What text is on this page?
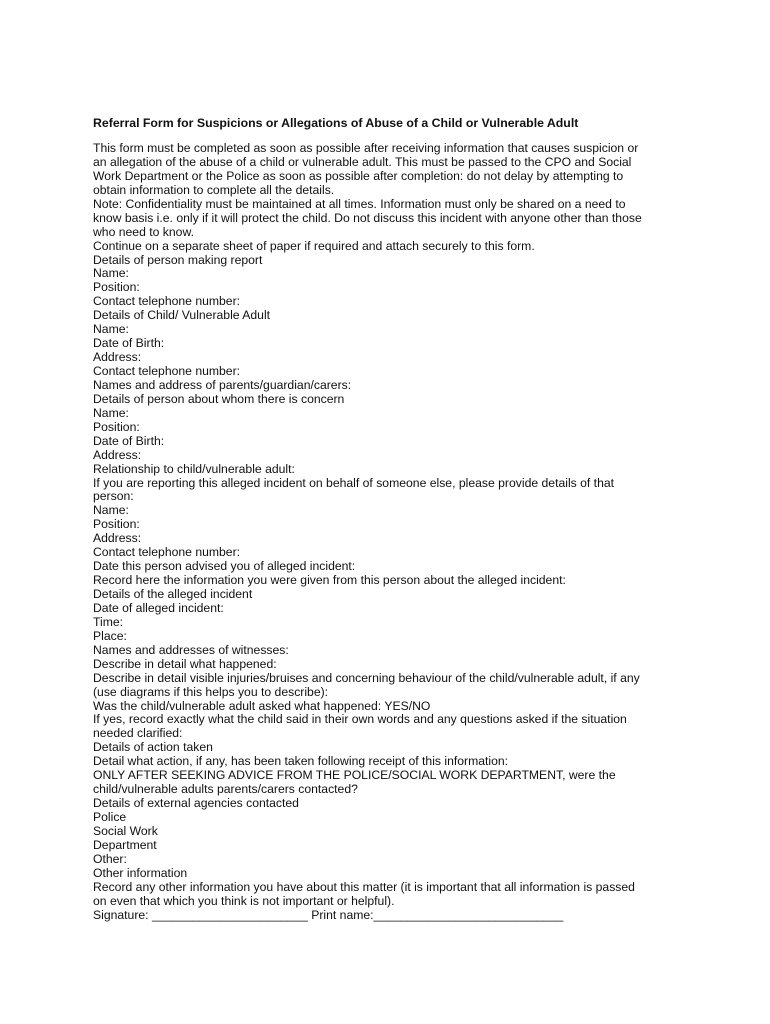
Referral Form for Suspicions or Allegations of Abuse of a Child or Vulnerable Adult
This form must be completed as soon as possible after receiving information that causes suspicion or
an allegation of the abuse of a child or vulnerable adult. This must be passed to the CPO and Social
Work Department or the Police as soon as possible after completion: do not delay by attempting to
obtain information to complete all the details.
Note: Confidentiality must be maintained at all times. Information must only be shared on a need to
know basis i.e. only if it will protect the child. Do not discuss this incident with anyone other than those
who need to know.
Continue on a separate sheet of paper if required and attach securely to this form.
Details of person making report
Name:
Position:
Contact telephone number:
Details of Child/ Vulnerable Adult
Name:
Date of Birth:
Address:
Contact telephone number:
Names and address of parents/guardian/carers:
Details of person about whom there is concern
Name:
Position:
Date of Birth:
Address:
Relationship to child/vulnerable adult:
If you are reporting this alleged incident on behalf of someone else, please provide details of that
person:
Name:
Position:
Address:
Contact telephone number:
Date this person advised you of alleged incident:
Record here the information you were given from this person about the alleged incident:
Details of the alleged incident
Date of alleged incident:
Time:
Place:
Names and addresses of witnesses:
Describe in detail what happened:
Describe in detail visible injuries/bruises and concerning behaviour of the child/vulnerable adult, if any
(use diagrams if this helps you to describe):
Was the child/vulnerable adult asked what happened: YES/NO
If yes, record exactly what the child said in their own words and any questions asked if the situation
needed clarified:
Details of action taken
Detail what action, if any, has been taken following receipt of this information:
ONLY AFTER SEEKING ADVICE FROM THE POLICE/SOCIAL WORK DEPARTMENT, were the
child/vulnerable adults parents/carers contacted?
Details of external agencies contacted
Police
Social Work
Department
Other:
Other information
Record any other information you have about this matter (it is important that all information is passed
on even that which you think is not important or helpful).
Signature: _______________________ Print name:____________________________
